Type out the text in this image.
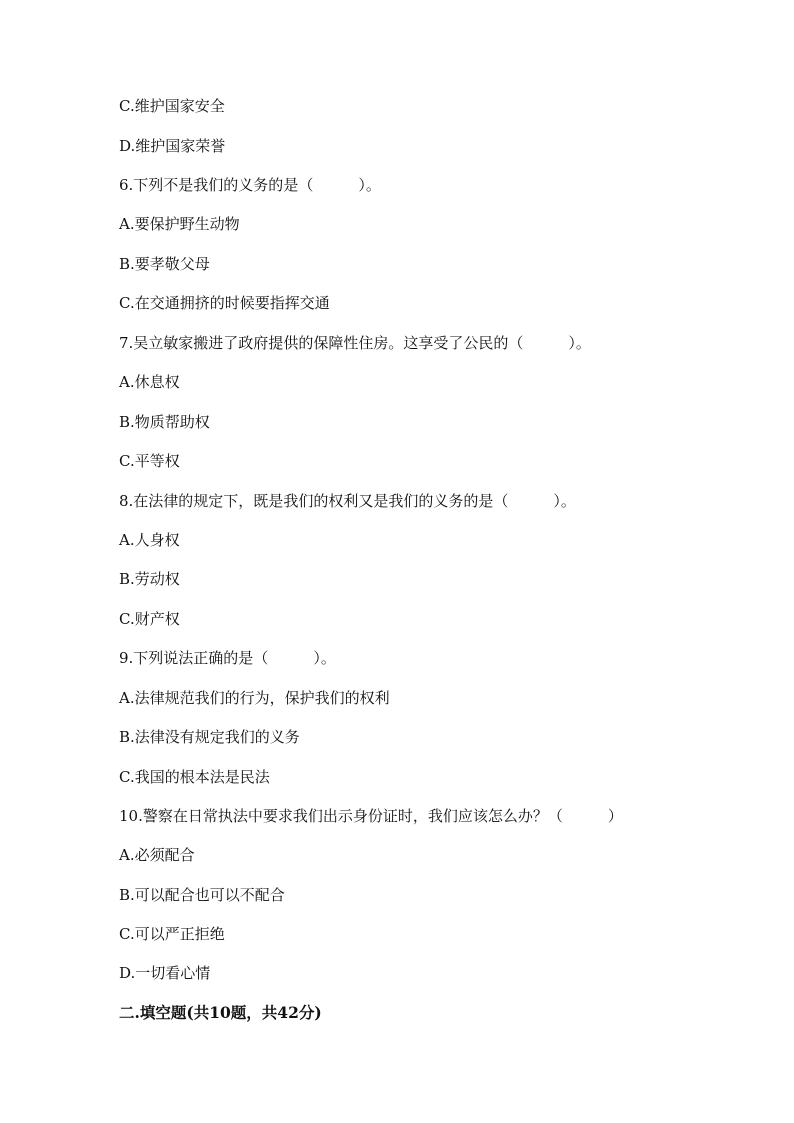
C.维护国家安全
D.维护国家荣誉
6.下列不是我们的义务的是（　　　）。
A.要保护野生动物
B.要孝敬父母
C.在交通拥挤的时候要指挥交通
7.吴立敏家搬进了政府提供的保障性住房。这享受了公民的（　　　）。
A.休息权
B.物质帮助权
C.平等权
8.在法律的规定下，既是我们的权利又是我们的义务的是（　　　）。
A.人身权
B.劳动权
C.财产权
9.下列说法正确的是（　　　）。
A.法律规范我们的行为，保护我们的权利
B.法律没有规定我们的义务
C.我国的根本法是民法
10.警察在日常执法中要求我们出示身份证时，我们应该怎么办？（　　　）
A.必须配合
B.可以配合也可以不配合
C.可以严正拒绝
D.一切看心情
二.填空题(共10题，共42分)
